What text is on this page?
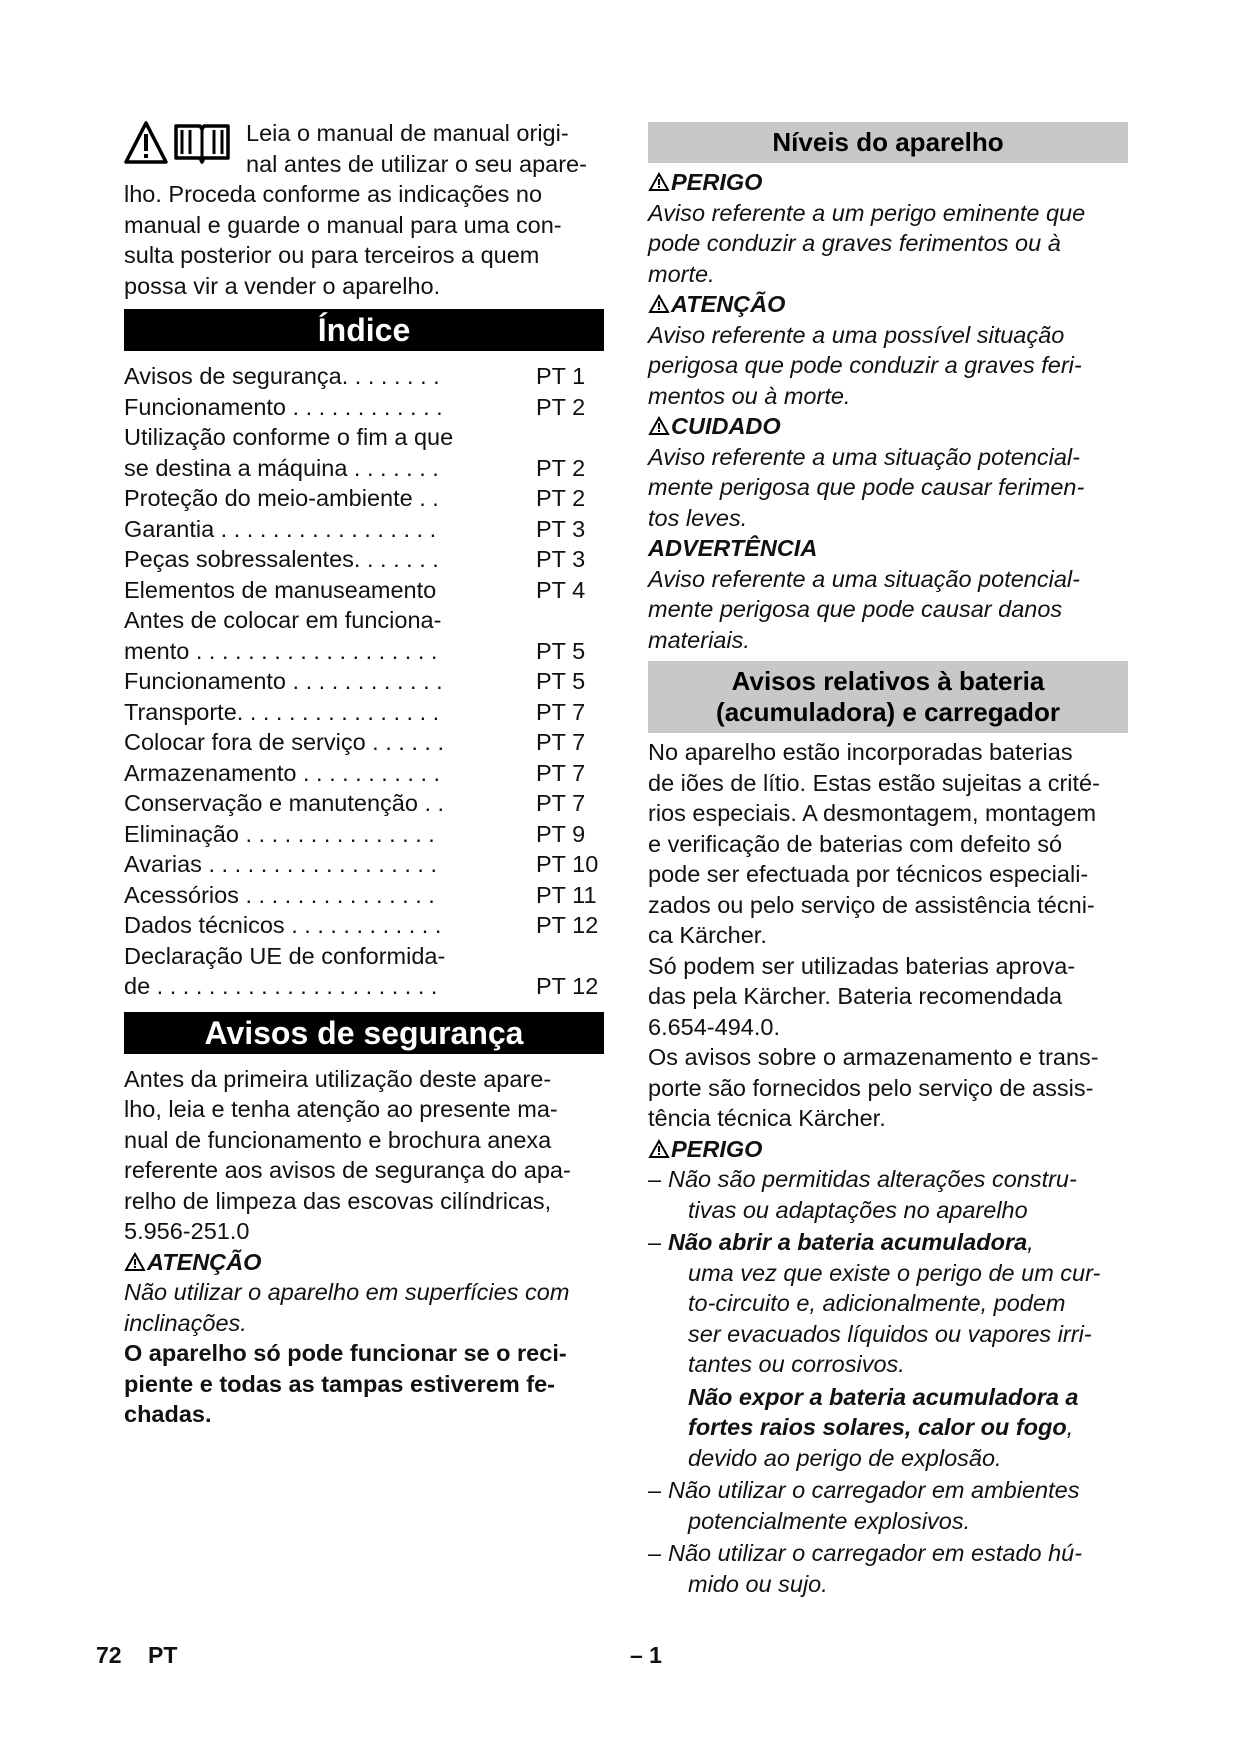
Leia o manual de manual origi-

nal antes de utilizar o seu apare-

lho. Proceda conforme as indicações no

manual e guarde o manual para uma con-

sulta posterior ou para terceiros a quem

possa vir a vender o aparelho.

Índice
Avisos de segurança. . . . . . . .	PT 1
Funcionamento . . . . . . . . . . . .	PT 2
Utilização conforme o fim a que
se destina a máquina . . . . . . .	PT 2
Proteção do meio-ambiente . .	PT 2
Garantia . . . . . . . . . . . . . . . . .	PT 3
Peças sobressalentes. . . . . . .	PT 3
Elementos de manuseamento	PT 4
Antes de colocar em funciona-
mento . . . . . . . . . . . . . . . . . . .	PT 5
Funcionamento . . . . . . . . . . . .	PT 5
Transporte. . . . . . . . . . . . . . . .	PT 7
Colocar fora de serviço . . . . . .	PT 7
Armazenamento . . . . . . . . . . .	PT 7
Conservação e manutenção . .	PT 7
Eliminação . . . . . . . . . . . . . . .	PT 9
Avarias . . . . . . . . . . . . . . . . . .	PT 10
Acessórios . . . . . . . . . . . . . . .	PT 11
Dados técnicos . . . . . . . . . . . .	PT 12
Declaração UE de conformida-
de . . . . . . . . . . . . . . . . . . . . . .	PT 12
Avisos de segurança

Antes da primeira utilização deste apare-

lho, leia e tenha atenção ao presente ma-

nual de funcionamento e brochura anexa

referente aos avisos de segurança do apa-

relho de limpeza das escovas cilíndricas,

5.956-251.0

ATENÇÃO

Não utilizar o aparelho em superfícies com

inclinações.

O aparelho só pode funcionar se o reci-

piente e todas as tampas estiverem fe-

chadas.

Níveis do aparelho
PERIGO

Aviso referente a um perigo eminente que

pode conduzir a graves ferimentos ou à

morte.

ATENÇÃO

Aviso referente a uma possível situação

perigosa que pode conduzir a graves feri-

mentos ou à morte.

CUIDADO

Aviso referente a uma situação potencial-

mente perigosa que pode causar ferimen-

tos leves.

ADVERTÊNCIA

Aviso referente a uma situação potencial-

mente perigosa que pode causar danos

materiais.

Avisos relativos à bateria
(acumuladora) e carregador

No aparelho estão incorporadas baterias

de iões de lítio. Estas estão sujeitas a crité-

rios especiais. A desmontagem, montagem

e verificação de baterias com defeito só

pode ser efectuada por técnicos especiali-

zados ou pelo serviço de assistência técni-

ca Kärcher.

Só podem ser utilizadas baterias aprova-

das pela Kärcher. Bateria recomendada

6.654-494.0.

Os avisos sobre o armazenamento e trans-

porte são fornecidos pelo serviço de assis-

tência técnica Kärcher.

PERIGO
– Não são permitidas alterações constru-
tivas ou adaptações no aparelho
– Não abrir a bateria acumuladora,
uma vez que existe o perigo de um cur-
to-circuito e, adicionalmente, podem
ser evacuados líquidos ou vapores irri-
tantes ou corrosivos.
Não expor a bateria acumuladora a
fortes raios solares, calor ou fogo,
devido ao perigo de explosão.
– Não utilizar o carregador em ambientes
potencialmente explosivos.
– Não utilizar o carregador em estado hú-
mido ou sujo.
72 PT	– 1
